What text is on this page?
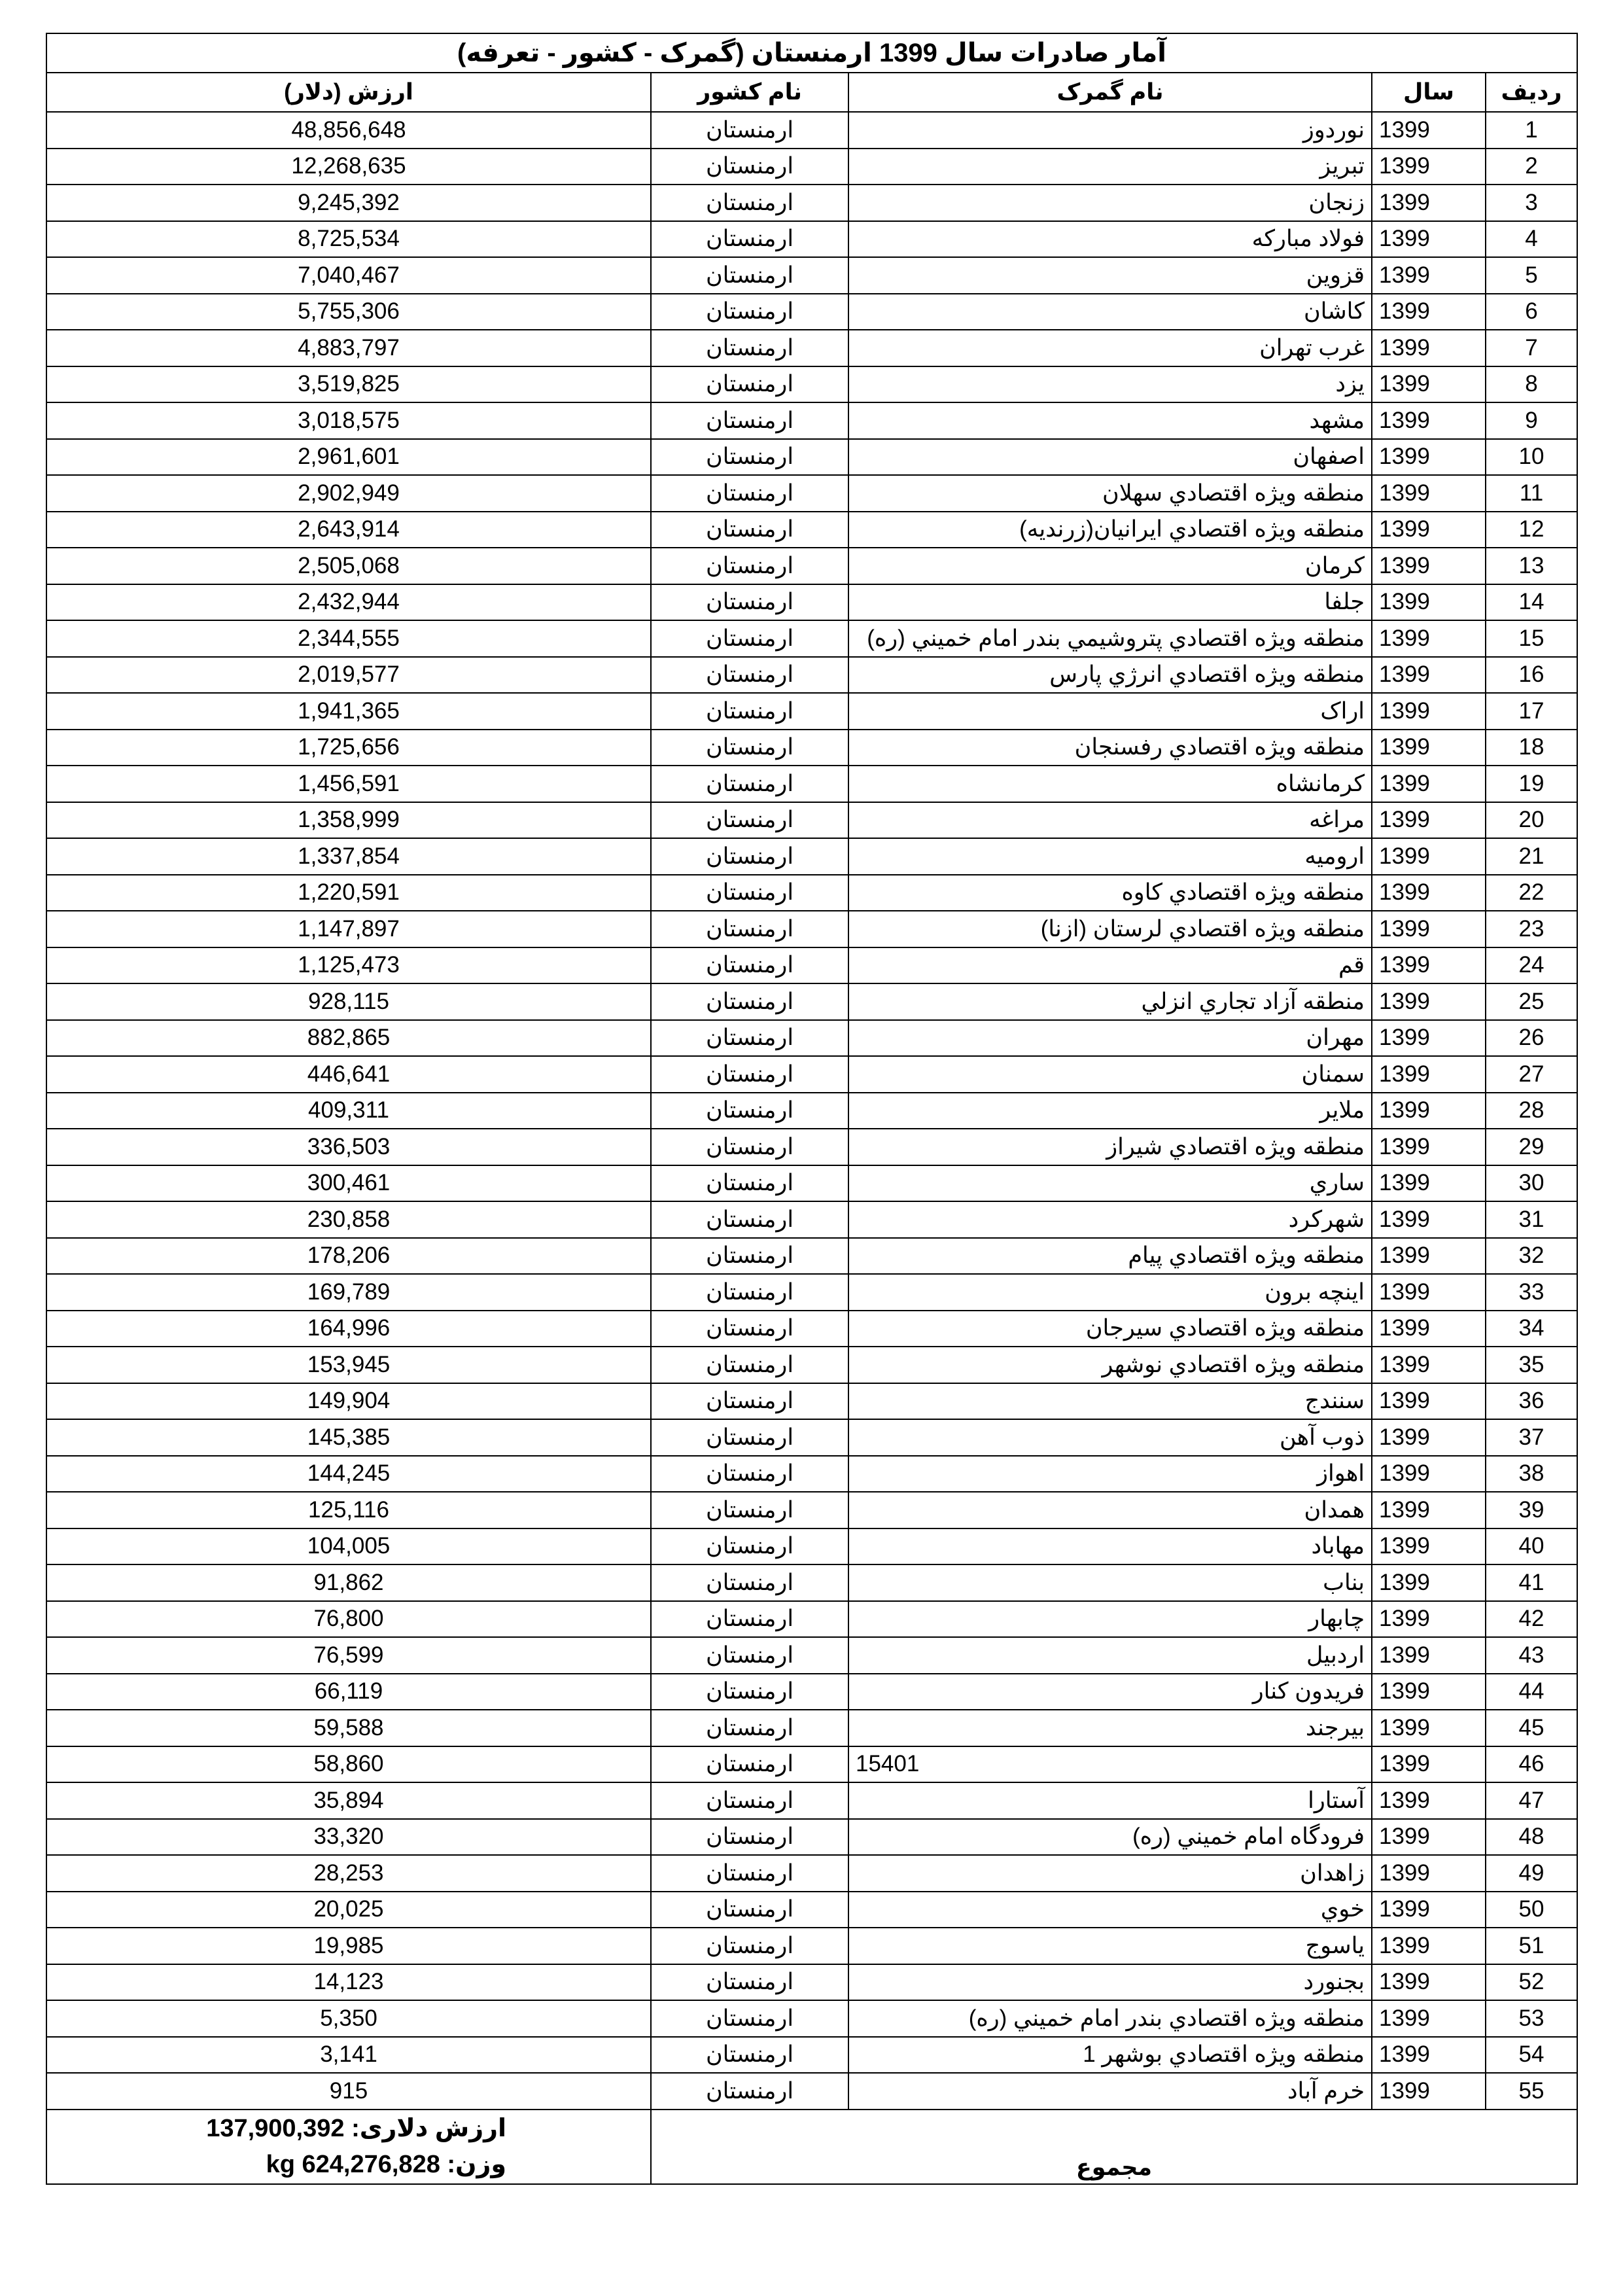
آمار صادرات سال 1399 ارمنستان (گمرک - کشور - تعرفه)				
ارزش (دلار)	نام کشور	نام گمرک	سال	ردیف
48,856,648	ارمنستان	نوردوز	1399	1
12,268,635	ارمنستان	تبريز	1399	2
9,245,392	ارمنستان	زنجان	1399	3
8,725,534	ارمنستان	فولاد مباركه	1399	4
7,040,467	ارمنستان	قزوين	1399	5
5,755,306	ارمنستان	كاشان	1399	6
4,883,797	ارمنستان	غرب تهران	1399	7
3,519,825	ارمنستان	يزد	1399	8
3,018,575	ارمنستان	مشهد	1399	9
2,961,601	ارمنستان	اصفهان	1399	10
2,902,949	ارمنستان	منطقه ويژه اقتصادي سهلان	1399	11
2,643,914	ارمنستان	منطقه ويژه اقتصادي ايرانيان(زرنديه)	1399	12
2,505,068	ارمنستان	كرمان	1399	13
2,432,944	ارمنستان	جلفا	1399	14
2,344,555	ارمنستان	منطقه ويژه اقتصادي پتروشيمي بندر امام خميني (ره)	1399	15
2,019,577	ارمنستان	منطقه ويژه اقتصادي انرژي پارس	1399	16
1,941,365	ارمنستان	اراک	1399	17
1,725,656	ارمنستان	منطقه ويژه اقتصادي رفسنجان	1399	18
1,456,591	ارمنستان	كرمانشاه	1399	19
1,358,999	ارمنستان	مراغه	1399	20
1,337,854	ارمنستان	اروميه	1399	21
1,220,591	ارمنستان	منطقه ويژه اقتصادي كاوه	1399	22
1,147,897	ارمنستان	منطقه ويژه اقتصادي لرستان (ازنا)	1399	23
1,125,473	ارمنستان	قم	1399	24
928,115	ارمنستان	منطقه آزاد تجاري انزلي	1399	25
882,865	ارمنستان	مهران	1399	26
446,641	ارمنستان	سمنان	1399	27
409,311	ارمنستان	ملاير	1399	28
336,503	ارمنستان	منطقه ويژه اقتصادي شيراز	1399	29
300,461	ارمنستان	ساري	1399	30
230,858	ارمنستان	شهركرد	1399	31
178,206	ارمنستان	منطقه ويژه اقتصادي پيام	1399	32
169,789	ارمنستان	اينچه برون	1399	33
164,996	ارمنستان	منطقه ويژه اقتصادي سيرجان	1399	34
153,945	ارمنستان	منطقه ويژه اقتصادي نوشهر	1399	35
149,904	ارمنستان	سنندج	1399	36
145,385	ارمنستان	ذوب آهن	1399	37
144,245	ارمنستان	اهواز	1399	38
125,116	ارمنستان	همدان	1399	39
104,005	ارمنستان	مهاباد	1399	40
91,862	ارمنستان	بناب	1399	41
76,800	ارمنستان	چابهار	1399	42
76,599	ارمنستان	اردبيل	1399	43
66,119	ارمنستان	فريدون كنار	1399	44
59,588	ارمنستان	بيرجند	1399	45
58,860	ارمنستان	15401	1399	46
35,894	ارمنستان	آستارا	1399	47
33,320	ارمنستان	فرودگاه امام خميني (ره)	1399	48
28,253	ارمنستان	زاهدان	1399	49
20,025	ارمنستان	خوي	1399	50
19,985	ارمنستان	ياسوج	1399	51
14,123	ارمنستان	بجنورد	1399	52
5,350	ارمنستان	منطقه ويژه اقتصادي بندر امام خميني (ره)	1399	53
3,141	ارمنستان	منطقه ويژه اقتصادي بوشهر 1	1399	54
915	ارمنستان	خرم آباد	1399	55

ارزش دلاری: 137,900,392
وزن: 624,276,828 kg	مجموع			
